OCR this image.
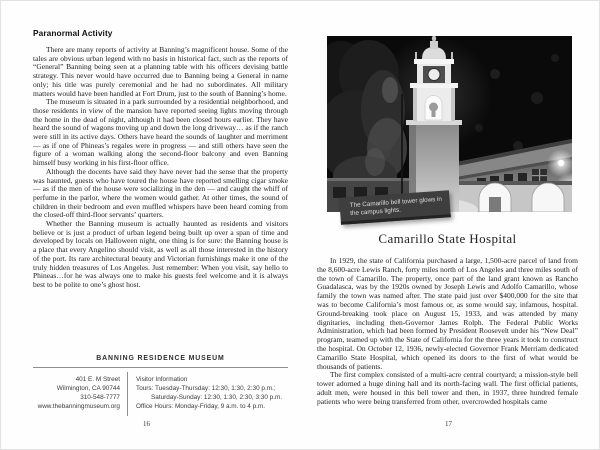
Paranormal Activity

There are many reports of activity at Banning’s magnificent house. Some of the tales are obvious urban legend with no basis in historical fact, such as the reports of “General” Banning being seen at a planning table with his officers devising battle strategy. This never would have occurred due to Banning being a General in name only; his title was purely ceremonial and he had no subordinates. All military matters would have been handled at Fort Drum, just to the south of Banning’s home.

The museum is situated in a park surrounded by a residential neighborhood, and those residents in view of the mansion have reported seeing lights moving through the home in the dead of night, although it had been closed hours earlier. They have heard the sound of wagons moving up and down the long driveway… as if the ranch were still in its active days. Others have heard the sounds of laughter and merriment — as if one of Phineas’s regales were in progress — and still others have seen the figure of a woman walking along the second-floor balcony and even Banning himself busy working in his first-floor office.

Although the docents have said they have never had the sense that the property was haunted, guests who have toured the house have reported smelling cigar smoke — as if the men of the house were socializing in the den — and caught the whiff of perfume in the parlor, where the women would gather. At other times, the sound of children in their bedroom and even muffled whispers have been heard coming from the closed-off third-floor servants’ quarters.

Whether the Banning museum is actually haunted as residents and visitors believe or is just a product of urban legend being built up over a span of time and developed by locals on Halloween night, one thing is for sure: the Banning house is a place that every Angelino should visit, as well as all those interested in the history of the port. Its rare architectural beauty and Victorian furnishings make it one of the truly hidden treasures of Los Angeles. Just remember: When you visit, say hello to Phineas…for he was always one to make his guests feel welcome and it is always best to be polite to one’s ghost host.

BANNING RESIDENCE MUSEUM
401 E. M Street
Wilmington, CA 90744
310-548-7777
www.thebanningmuseum.org
Visitor Information
Tours: Tuesday-Thursday: 12:30, 1:30, 2:30 p.m.;
Saturday-Sunday: 12:30, 1:30, 2:30, 3:30 p.m.
Office Hours: Monday-Friday, 9 a.m. to 4 p.m.
16
The Camarillo bell tower glows in the campus lights.
Camarillo State Hospital

In 1929, the state of California purchased a large, 1,500-acre parcel of land from the 8,600-acre Lewis Ranch, forty miles north of Los Angeles and three miles south of the town of Camarillo. The property, once part of the land grant known as Rancho Guadalasca, was by the 1920s owned by Joseph Lewis and Adolfo Camarillo, whose family the town was named after. The state paid just over $400,000 for the site that was to become California’s most famous or, as some would say, infamous, hospital. Ground-breaking took place on August 15, 1933, and was attended by many dignitaries, including then-Governor James Rolph. The Federal Public Works Administration, which had been formed by President Roosevelt under his “New Deal” program, teamed up with the State of California for the three years it took to construct the hospital. On October 12, 1936, newly-elected Governor Frank Merriam dedicated Camarillo State Hospital, which opened its doors to the first of what would be thousands of patients.

The first complex consisted of a multi-acre central courtyard; a mission-style bell tower adorned a huge dining hall and its north-facing wall. The first official patients, adult men, were housed in this bell tower and then, in 1937, three hundred female patients who were being transferred from other, overcrowded hospitals came

17
